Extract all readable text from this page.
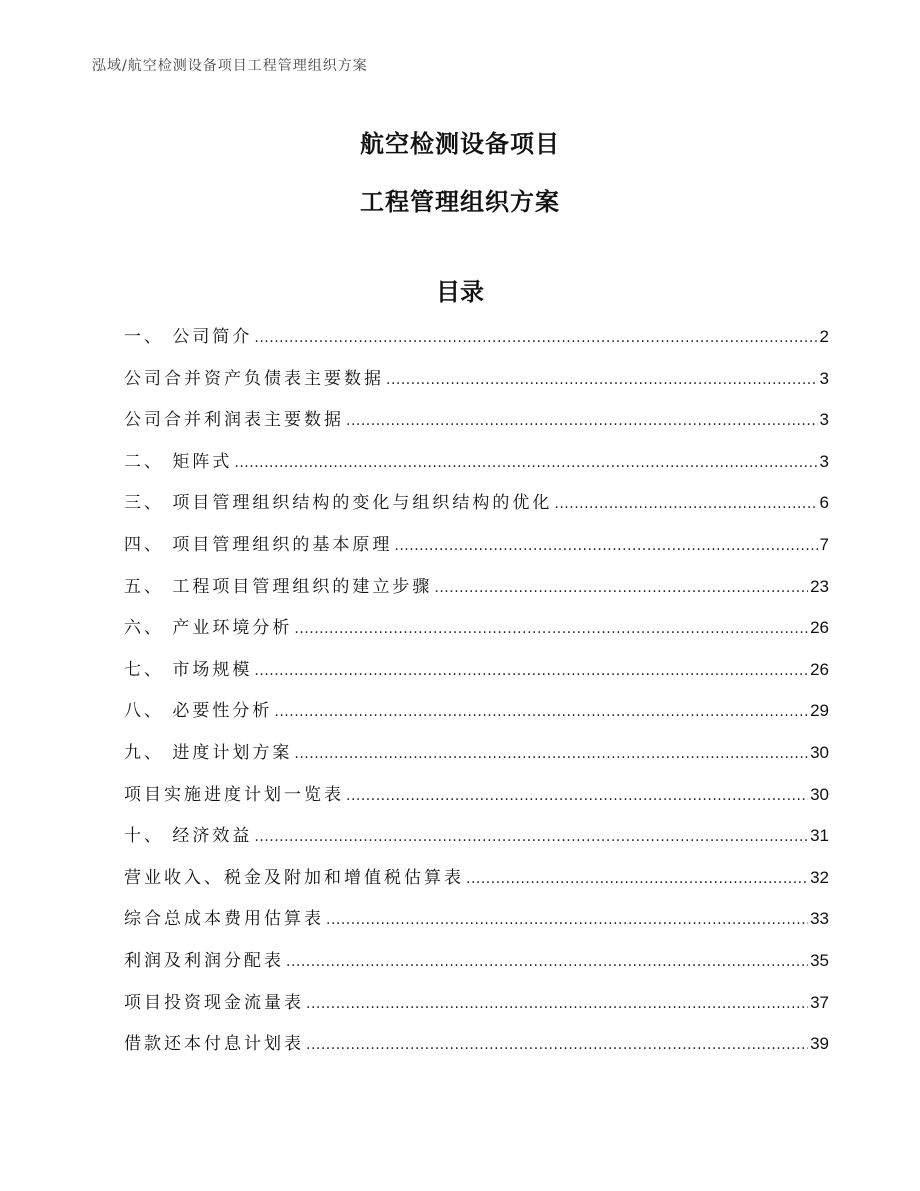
泓域/航空检测设备项目工程管理组织方案
航空检测设备项目
工程管理组织方案
目录
一、 公司简介 .....	2
公司合并资产负债表主要数据 .....	3
公司合并利润表主要数据 .....	3
二、 矩阵式 .....	3
三、 项目管理组织结构的变化与组织结构的优化 .....	6
四、 项目管理组织的基本原理 .....	7
五、 工程项目管理组织的建立步骤 .....	23
六、 产业环境分析 .....	26
七、 市场规模 .....	26
八、 必要性分析 .....	29
九、 进度计划方案 .....	30
项目实施进度计划一览表 .....	30
十、 经济效益 .....	31
营业收入、税金及附加和增值税估算表 .....	32
综合总成本费用估算表 .....	33
利润及利润分配表 .....	35
项目投资现金流量表 .....	37
借款还本付息计划表 .....	39
